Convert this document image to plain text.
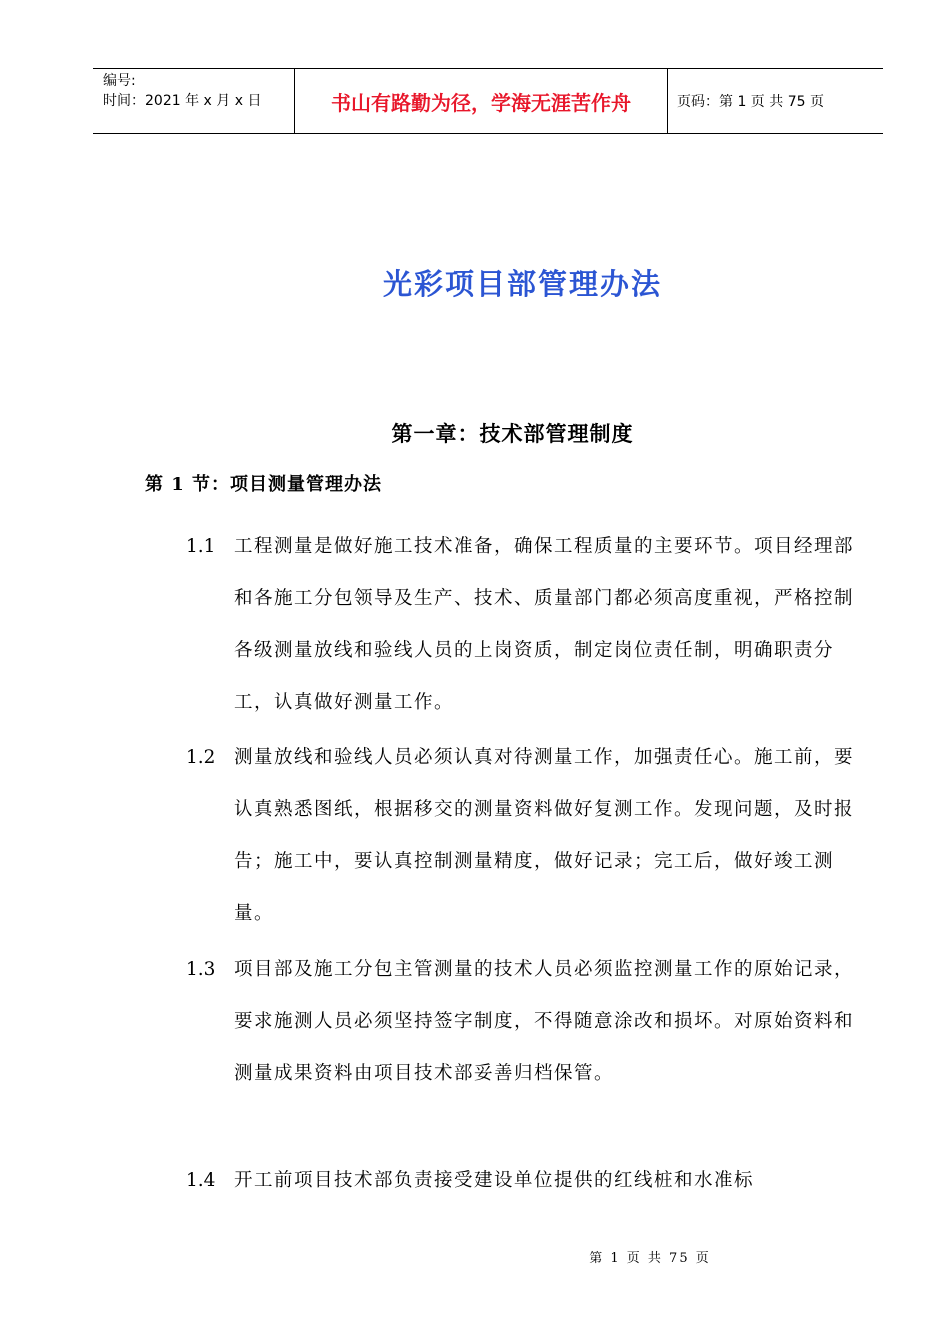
编号:
时间：2021 年 x 月 x 日	书山有路勤为径，学海无涯苦作舟	页码：第 1 页 共 75 页
光彩项目部管理办法
第一章：技术部管理制度
第 1 节：项目测量管理办法
1.1	工程测量是做好施工技术准备，确保工程质量的主要环节。项目经理部和各施工分包领导及生产、技术、质量部门都必须高度重视，严格控制各级测量放线和验线人员的上岗资质，制定岗位责任制，明确职责分工，认真做好测量工作。
1.2	测量放线和验线人员必须认真对待测量工作，加强责任心。施工前，要认真熟悉图纸，根据移交的测量资料做好复测工作。发现问题，及时报告；施工中，要认真控制测量精度，做好记录；完工后，做好竣工测量。
1.3	项目部及施工分包主管测量的技术人员必须监控测量工作的原始记录，要求施测人员必须坚持签字制度，不得随意涂改和损坏。对原始资料和测量成果资料由项目技术部妥善归档保管。
1.4	开工前项目技术部负责接受建设单位提供的红线桩和水准标
第 1 页 共 75 页
